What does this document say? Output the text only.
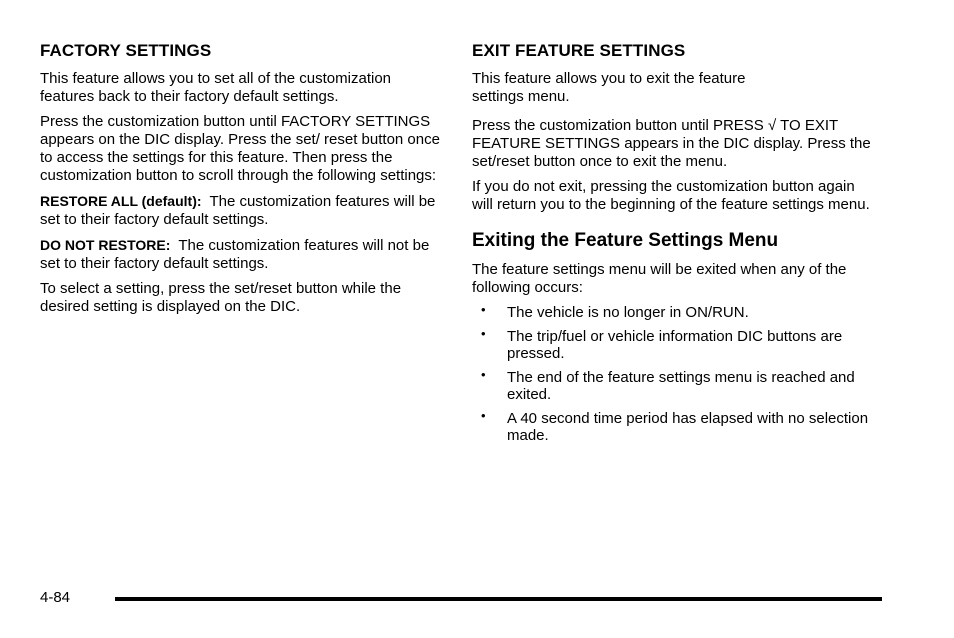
FACTORY SETTINGS

This feature allows you to set all of the customization features back to their factory default settings.

Press the customization button until FACTORY SETTINGS appears on the DIC display. Press the set/ reset button once to access the settings for this feature. Then press the customization button to scroll through the following settings:

RESTORE ALL (default): The customization features will be set to their factory default settings.

DO NOT RESTORE: The customization features will not be set to their factory default settings.

To select a setting, press the set/reset button while the desired setting is displayed on the DIC.

EXIT FEATURE SETTINGS

This feature allows you to exit the feature
settings menu.

Press the customization button until PRESS √ TO EXIT FEATURE SETTINGS appears in the DIC display. Press the set/reset button once to exit the menu.

If you do not exit, pressing the customization button again will return you to the beginning of the feature settings menu.

Exiting the Feature Settings Menu

The feature settings menu will be exited when any of the following occurs:

• The vehicle is no longer in ON/RUN.
• The trip/fuel or vehicle information DIC buttons are pressed.
• The end of the feature settings menu is reached and exited.
• A 40 second time period has elapsed with no selection made.
4-84
